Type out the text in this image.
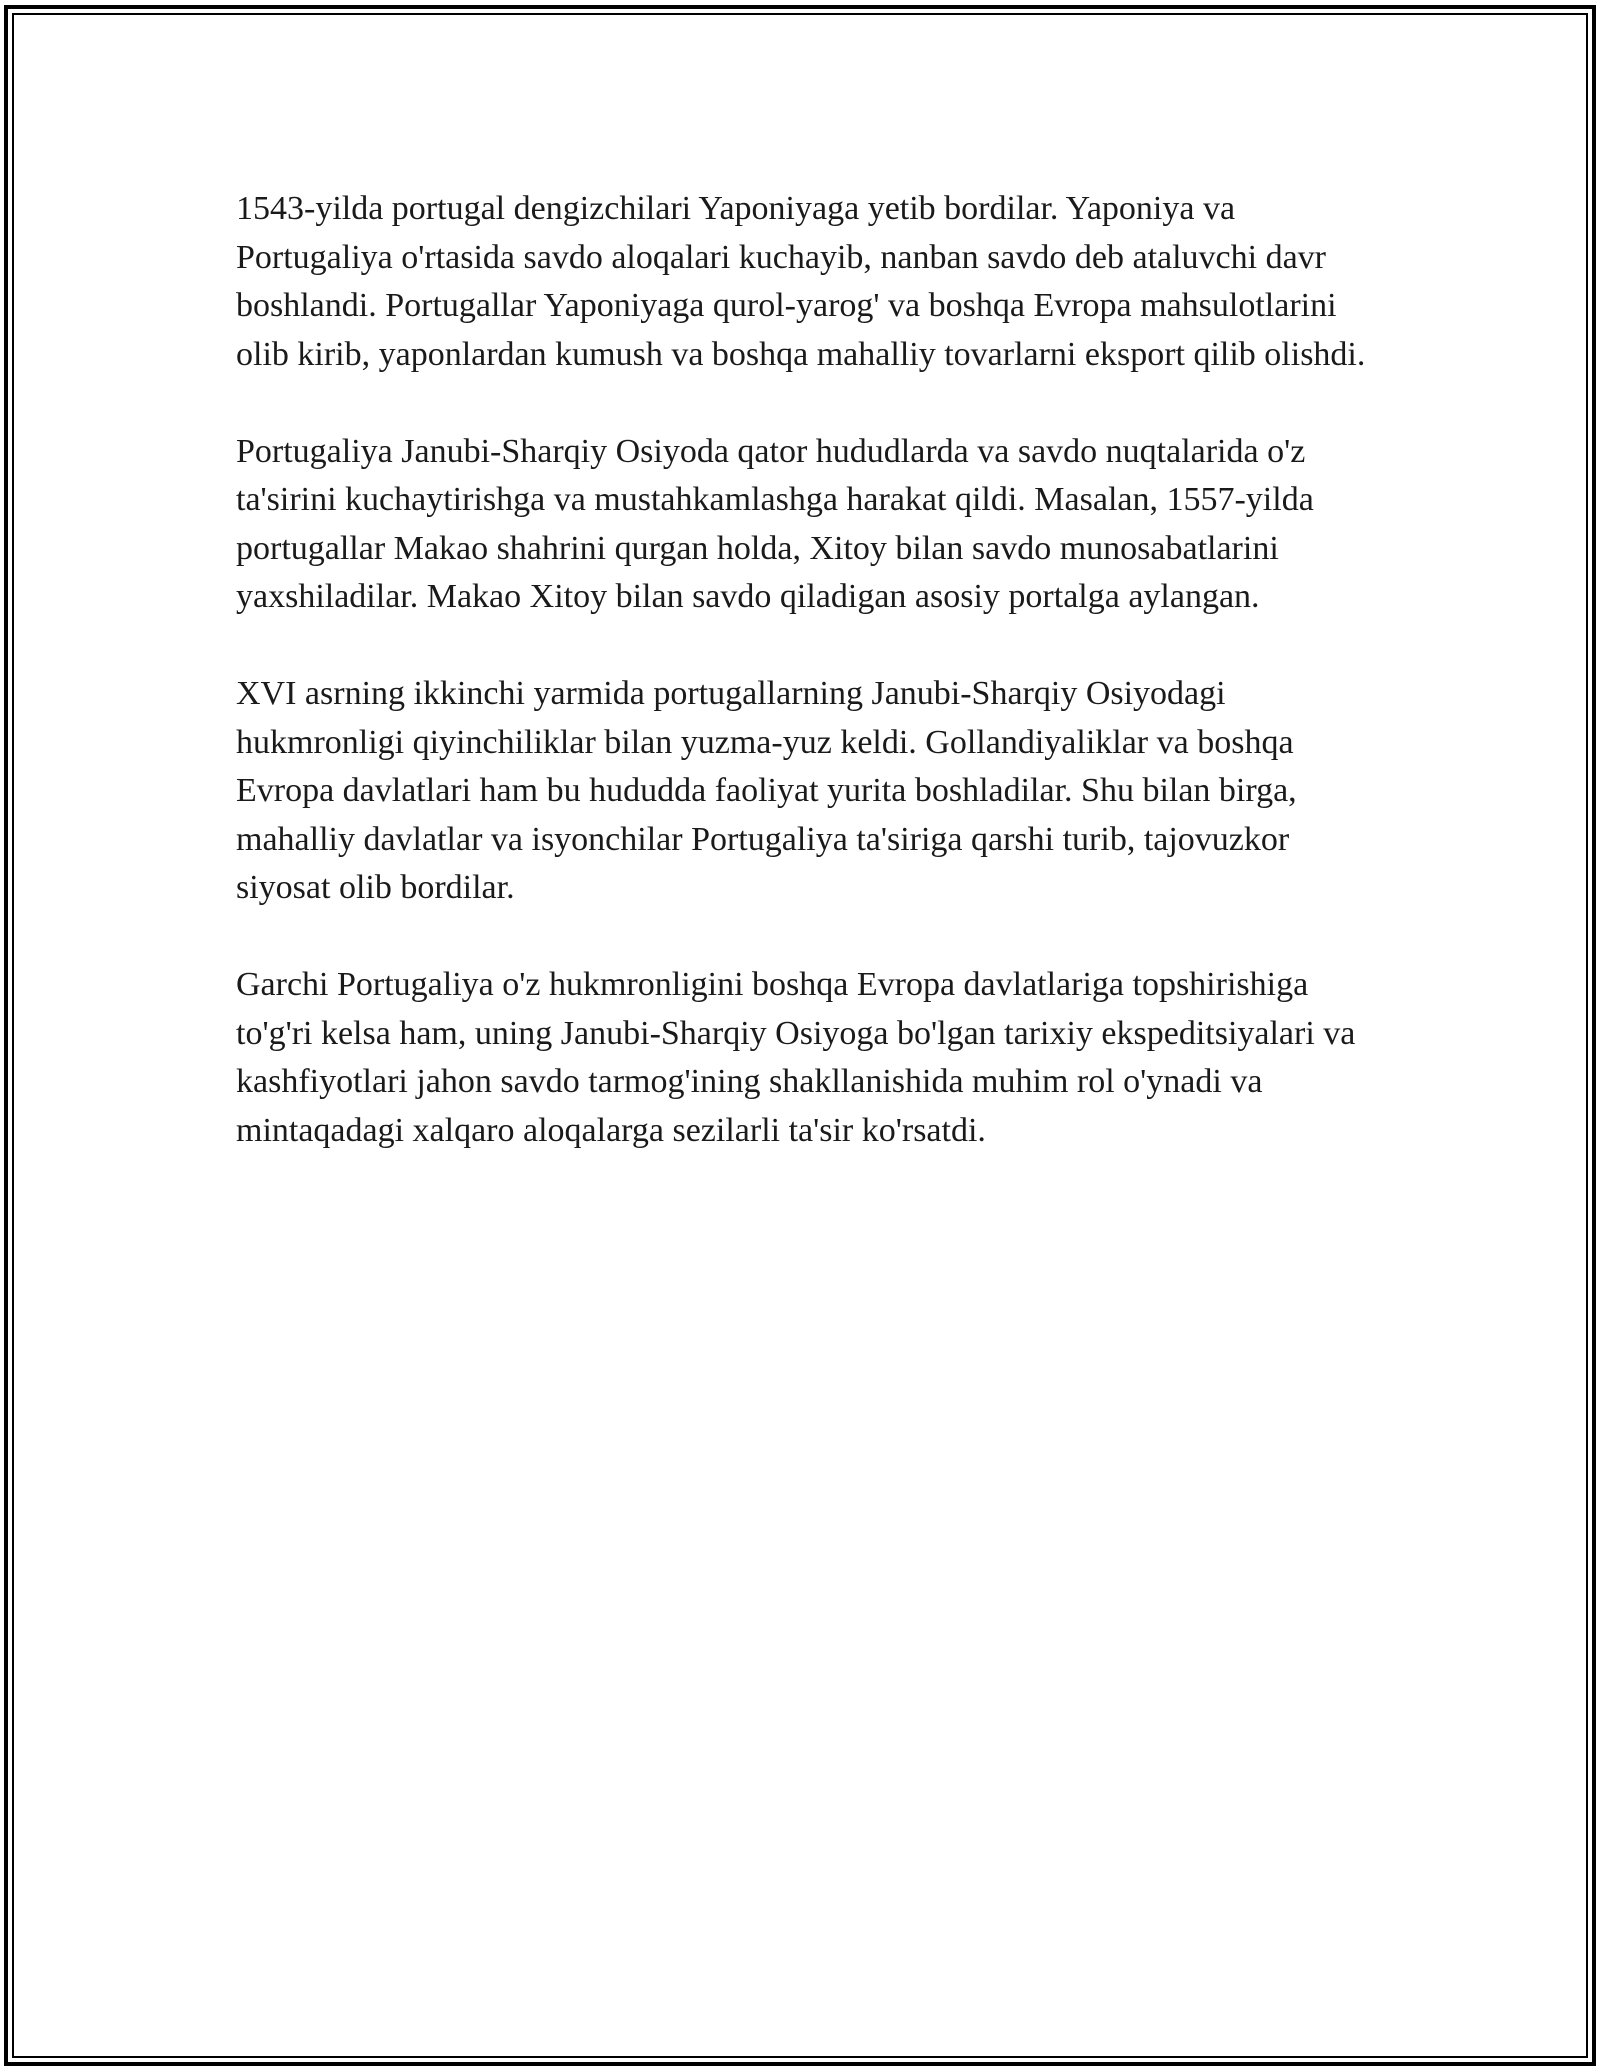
1543-yilda portugal dengizchilari Yaponiyaga yetib bordilar. Yaponiya va Portugaliya o'rtasida savdo aloqalari kuchayib, nanban savdo deb ataluvchi davr boshlandi. Portugallar Yaponiyaga qurol-yarog' va boshqa Evropa mahsulotlarini olib kirib, yaponlardan kumush va boshqa mahalliy tovarlarni eksport qilib olishdi.

Portugaliya Janubi-Sharqiy Osiyoda qator hududlarda va savdo nuqtalarida o'z ta'sirini kuchaytirishga va mustahkamlashga harakat qildi. Masalan, 1557-yilda portugallar Makao shahrini qurgan holda, Xitoy bilan savdo munosabatlarini yaxshiladilar. Makao Xitoy bilan savdo qiladigan asosiy portalga aylangan.

XVI asrning ikkinchi yarmida portugallarning Janubi-Sharqiy Osiyodagi hukmronligi qiyinchiliklar bilan yuzma-yuz keldi. Gollandiyaliklar va boshqa Evropa davlatlari ham bu hududda faoliyat yurita boshladilar. Shu bilan birga, mahalliy davlatlar va isyonchilar Portugaliya ta'siriga qarshi turib, tajovuzkor siyosat olib bordilar.

Garchi Portugaliya o'z hukmronligini boshqa Evropa davlatlariga topshirishiga to'g'ri kelsa ham, uning Janubi-Sharqiy Osiyoga bo'lgan tarixiy ekspeditsiyalari va kashfiyotlari jahon savdo tarmog'ining shakllanishida muhim rol o'ynadi va mintaqadagi xalqaro aloqalarga sezilarli ta'sir ko'rsatdi.
